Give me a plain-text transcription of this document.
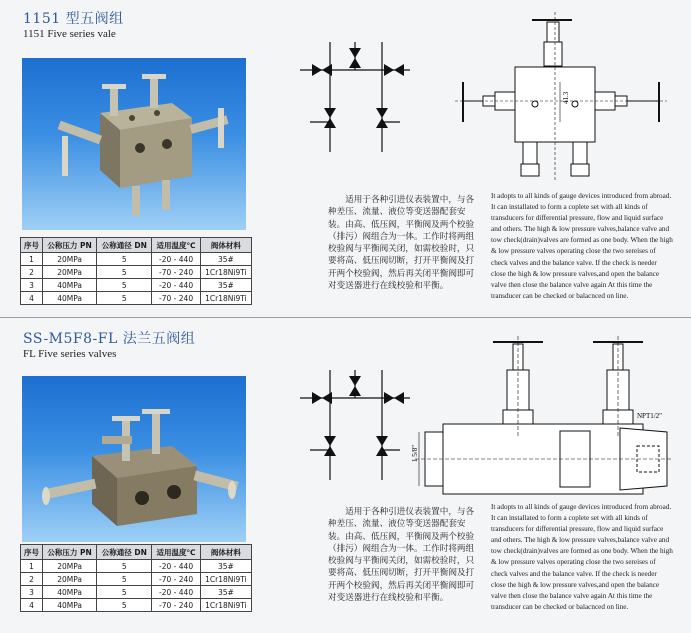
1151 型五阀组
1151 Five series vale
序号	公称压力 PN	公称通径 DN	适用温度℃	阀体材料
1	20MPa	5	-20 - 440	35#
2	20MPa	5	-70 - 240	1Cr18Ni9Ti
3	40MPa	5	-20 - 440	35#
4	40MPa	5	-70 - 240	1Cr18Ni9Ti
41.3
适用于各种引进仪表装置中，与各种差压、流量、液位等变送器配套安装。由高、低压阀，平衡阀及两个校验（排污）阀组合为一体。工作时将两组校验阀与平衡阀关闭，如需校验时，只要将高、低压阀切断，打开平衡阀及打开两个校验阀，然后再关闭平衡阀即可对变送器进行在线校验和平衡。
It adopts to all kinds of gauge devices introduced from abroad. It can installated to form a coplete set with all kinds of transducers for differential pressure, flow and liquid surface and others. The high & low pressure valves,balance valve and tow check(drain)valves are formed as one body. When the high & low pressure valves operating close the two sereises of check valves and the balance valve. If the check is needer close the high & low pressure valves,and open the balance valve then close the balance valve again At this time the transducer can be checked or balacnced on line.
SS-M5F8-FL 法兰五阀组
FL Five series valves
序号	公称压力 PN	公称通径 DN	适用温度℃	阀体材料
1	20MPa	5	-20 - 440	35#
2	20MPa	5	-70 - 240	1Cr18Ni9Ti
3	40MPa	5	-20 - 440	35#
4	40MPa	5	-70 - 240	1Cr18Ni9Ti
NPT1/2"
1 5/8"
适用于各种引进仪表装置中，与各种差压、流量、液位等变送器配套安装。由高、低压阀，平衡阀及两个校验（排污）阀组合为一体。工作时将两组校验阀与平衡阀关闭，如需校验时，只要将高、低压阀切断，打开平衡阀及打开两个校验阀，然后再关闭平衡阀即可对变送器进行在线校验和平衡。
It adopts to all kinds of gauge devices introduced from abroad. It can installated to form a coplete set with all kinds of transducers for differential pressure, flow and liquid surface and others. The high & low pressure valves,balance valve and tow check(drain)valves are formed as one body. When the high & low pressure valves operating close the two sereises of check valves and the balance valve. If the check is needer close the high & low pressure valves,and open the balance valve then close the balance valve again At this time the transducer can be checked or balacnced on line.
